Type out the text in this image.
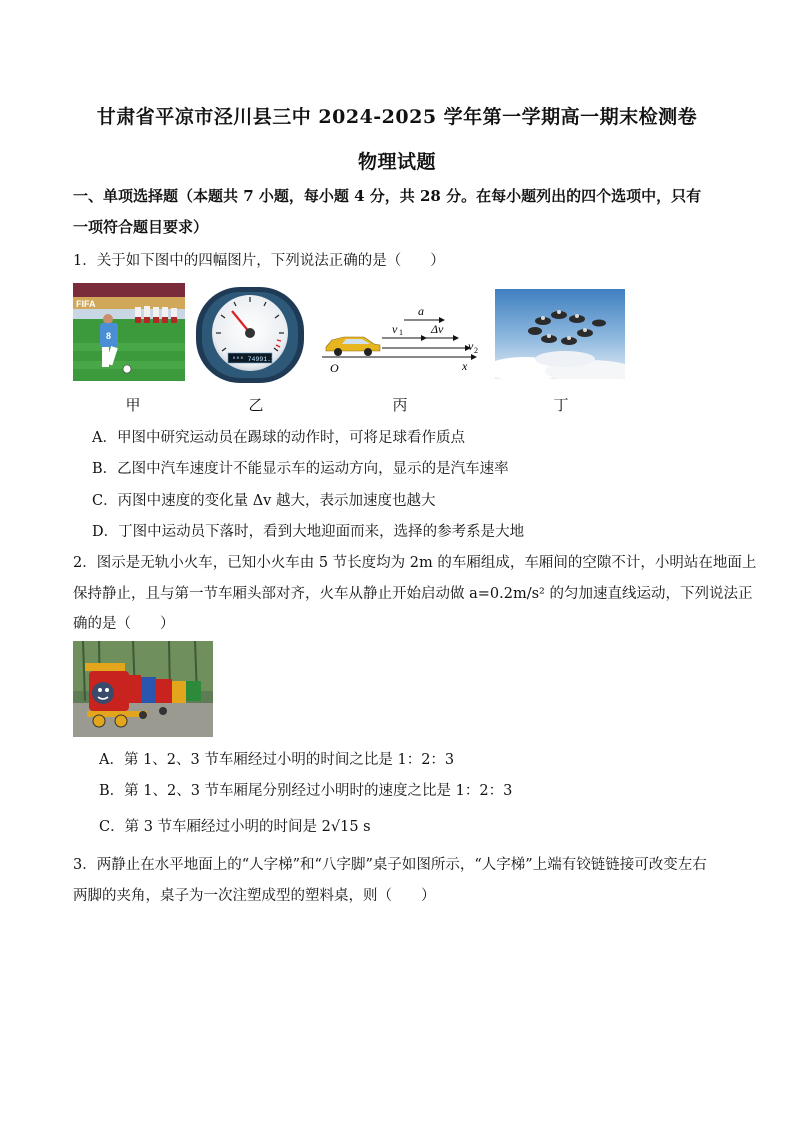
甘肃省平凉市泾川县三中 2024-2025 学年第一学期高一期末检测卷
物理试题
一、单项选择题（本题共 7 小题，每小题 4 分，共 28 分。在每小题列出的四个选项中，只有
一项符合题目要求）
1．关于如下图中的四幅图片，下列说法正确的是（　　）
FIFA
8
⁰⁰⁰ 74991.1
O	x
v 1 Δv
a
v 2
甲	乙	丙	丁
A．甲图中研究运动员在踢球的动作时，可将足球看作质点
B．乙图中汽车速度计不能显示车的运动方向，显示的是汽车速率
C．丙图中速度的变化量 Δv 越大，表示加速度也越大
D．丁图中运动员下落时，看到大地迎面而来，选择的参考系是大地
2．图示是无轨小火车，已知小火车由 5 节长度均为 2m 的车厢组成，车厢间的空隙不计，小明站在地面上
保持静止，且与第一节车厢头部对齐，火车从静止开始启动做 a=0.2m/s² 的匀加速直线运动，下列说法正
确的是（　　）
A．第 1、2、3 节车厢经过小明的时间之比是 1：2：3
B．第 1、2、3 节车厢尾分别经过小明时的速度之比是 1：2：3
C．第 3 节车厢经过小明的时间是 2√15 s
3．两静止在水平地面上的“人字梯”和“八字脚”桌子如图所示，“人字梯”上端有铰链链接可改变左右
两脚的夹角，桌子为一次注塑成型的塑料桌，则（　　）
